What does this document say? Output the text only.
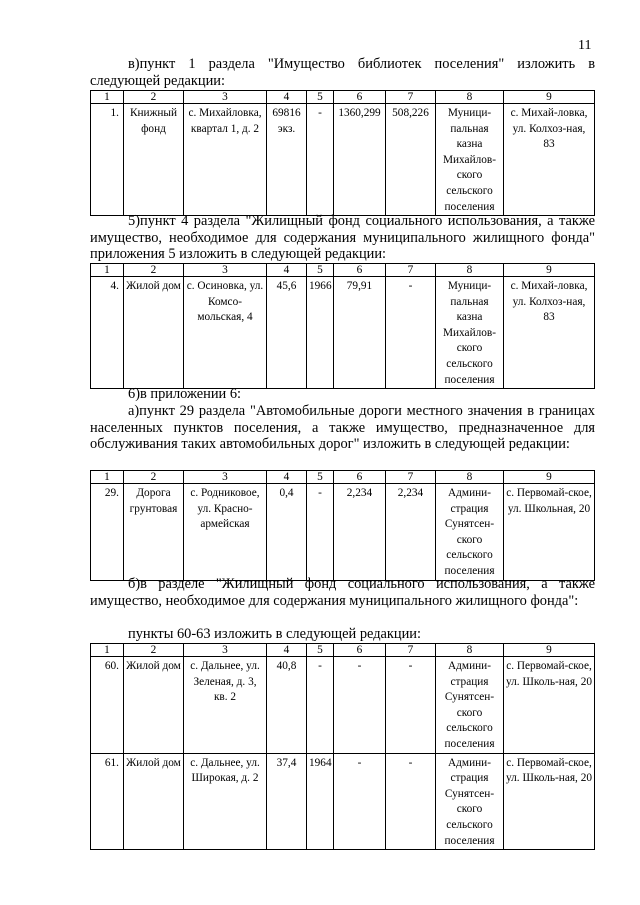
11

в)пункт 1 раздела "Имущество библиотек поселения" изложить в следующей редакции:

1	2	3	4	5	6	7	8	9
1.	Книжный фонд	с. Михайловка, квартал 1, д. 2	69816 экз.	-	1360,299	508,226	Муници-пальная казна Михайлов-ского сельского поселения	с. Михай-ловка, ул. Колхоз-ная, 83

5)пункт 4 раздела "Жилищный фонд социального использования, а также имущество, необходимое для содержания муниципального жилищного фонда" приложения 5 изложить в следующей редакции:

1	2	3	4	5	6	7	8	9
4.	Жилой дом	с. Осиновка, ул. Комсо-мольская, 4	45,6	1966	79,91	-	Муници-пальная казна Михайлов-ского сельского поселения	с. Михай-ловка, ул. Колхоз-ная, 83

6)в приложении 6:

а)пункт 29 раздела "Автомобильные дороги местного значения в границах населенных пунктов поселения, а также имущество, предназначенное для обслуживания таких автомобильных дорог" изложить в следующей редакции:

1	2	3	4	5	6	7	8	9
29.	Дорога грунтовая	с. Родниковое, ул. Красно-армейская	0,4	-	2,234	2,234	Админи-страция Сунятсен-ского сельского поселения	с. Первомай-ское, ул. Школьная, 20

б)в разделе "Жилищный фонд социального использования, а также имущество, необходимое для содержания муниципального жилищного фонда":

пункты 60-63 изложить в следующей редакции:

1	2	3	4	5	6	7	8	9
60.	Жилой дом	с. Дальнее, ул. Зеленая, д. 3, кв. 2	40,8	-	-	-	Админи-страция Сунятсен-ского сельского поселения	с. Первомай-ское, ул. Школь-ная, 20
61.	Жилой дом	с. Дальнее, ул. Широкая, д. 2	37,4	1964	-	-	Админи-страция Сунятсен-ского сельского поселения	с. Первомай-ское, ул. Школь-ная, 20
